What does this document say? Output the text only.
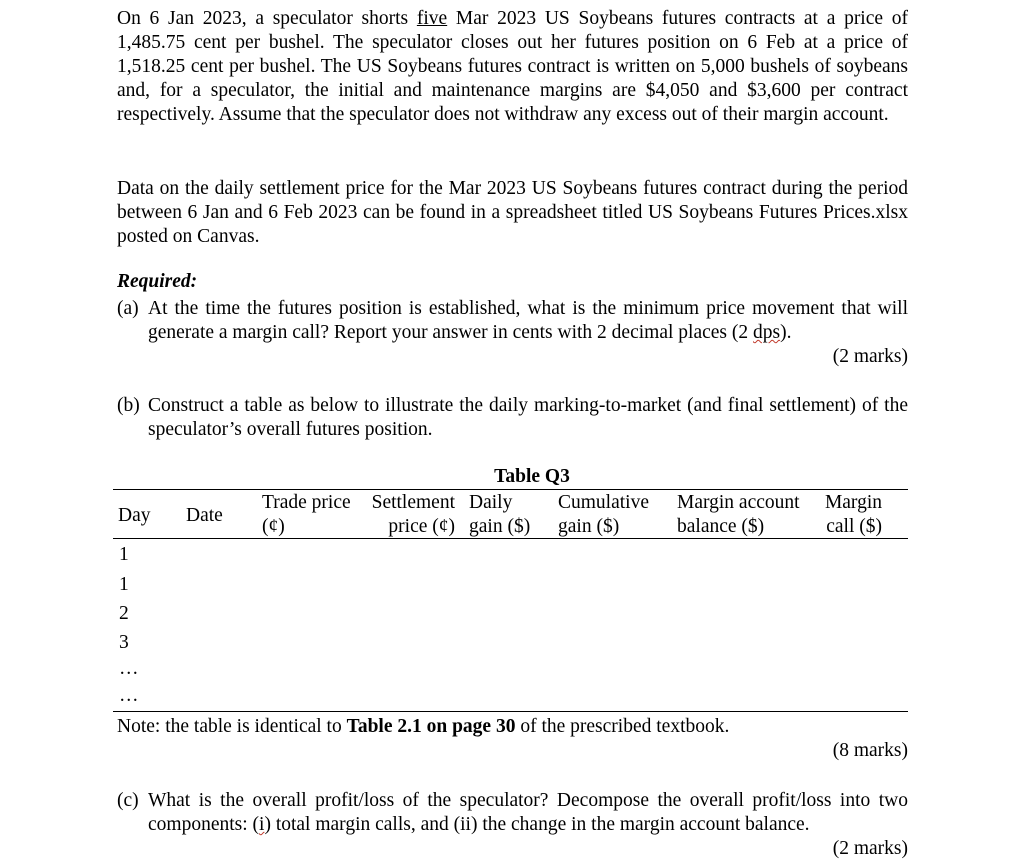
On 6 Jan 2023, a speculator shorts five Mar 2023 US Soybeans futures contracts at a price of 1,485.75 cent per bushel. The speculator closes out her futures position on 6 Feb at a price of 1,518.25 cent per bushel. The US Soybeans futures contract is written on 5,000 bushels of soybeans and, for a speculator, the initial and maintenance margins are $4,050 and $3,600 per contract respectively. Assume that the speculator does not withdraw any excess out of their margin account.

Data on the daily settlement price for the Mar 2023 US Soybeans futures contract during the period between 6 Jan and 6 Feb 2023 can be found in a spreadsheet titled US Soybeans Futures Prices.xlsx posted on Canvas.

Required:
(a) At the time the futures position is established, what is the minimum price movement that will generate a margin call? Report your answer in cents with 2 decimal places (2 dps).
(2 marks)
(b) Construct a table as below to illustrate the daily marking-to-market (and final settlement) of the speculator’s overall futures position.
Table Q3
Day Date
Trade price
(¢)
Settlement
price (¢)
Daily
gain ($)
Cumulative
gain ($)
Margin account
balance ($)
Margin
call ($)
1
1
2
3
…
…
Note: the table is identical to Table 2.1 on page 30 of the prescribed textbook.
(8 marks)
(c) What is the overall profit/loss of the speculator? Decompose the overall profit/loss into two components: (i) total margin calls, and (ii) the change in the margin account balance.
(2 marks)
